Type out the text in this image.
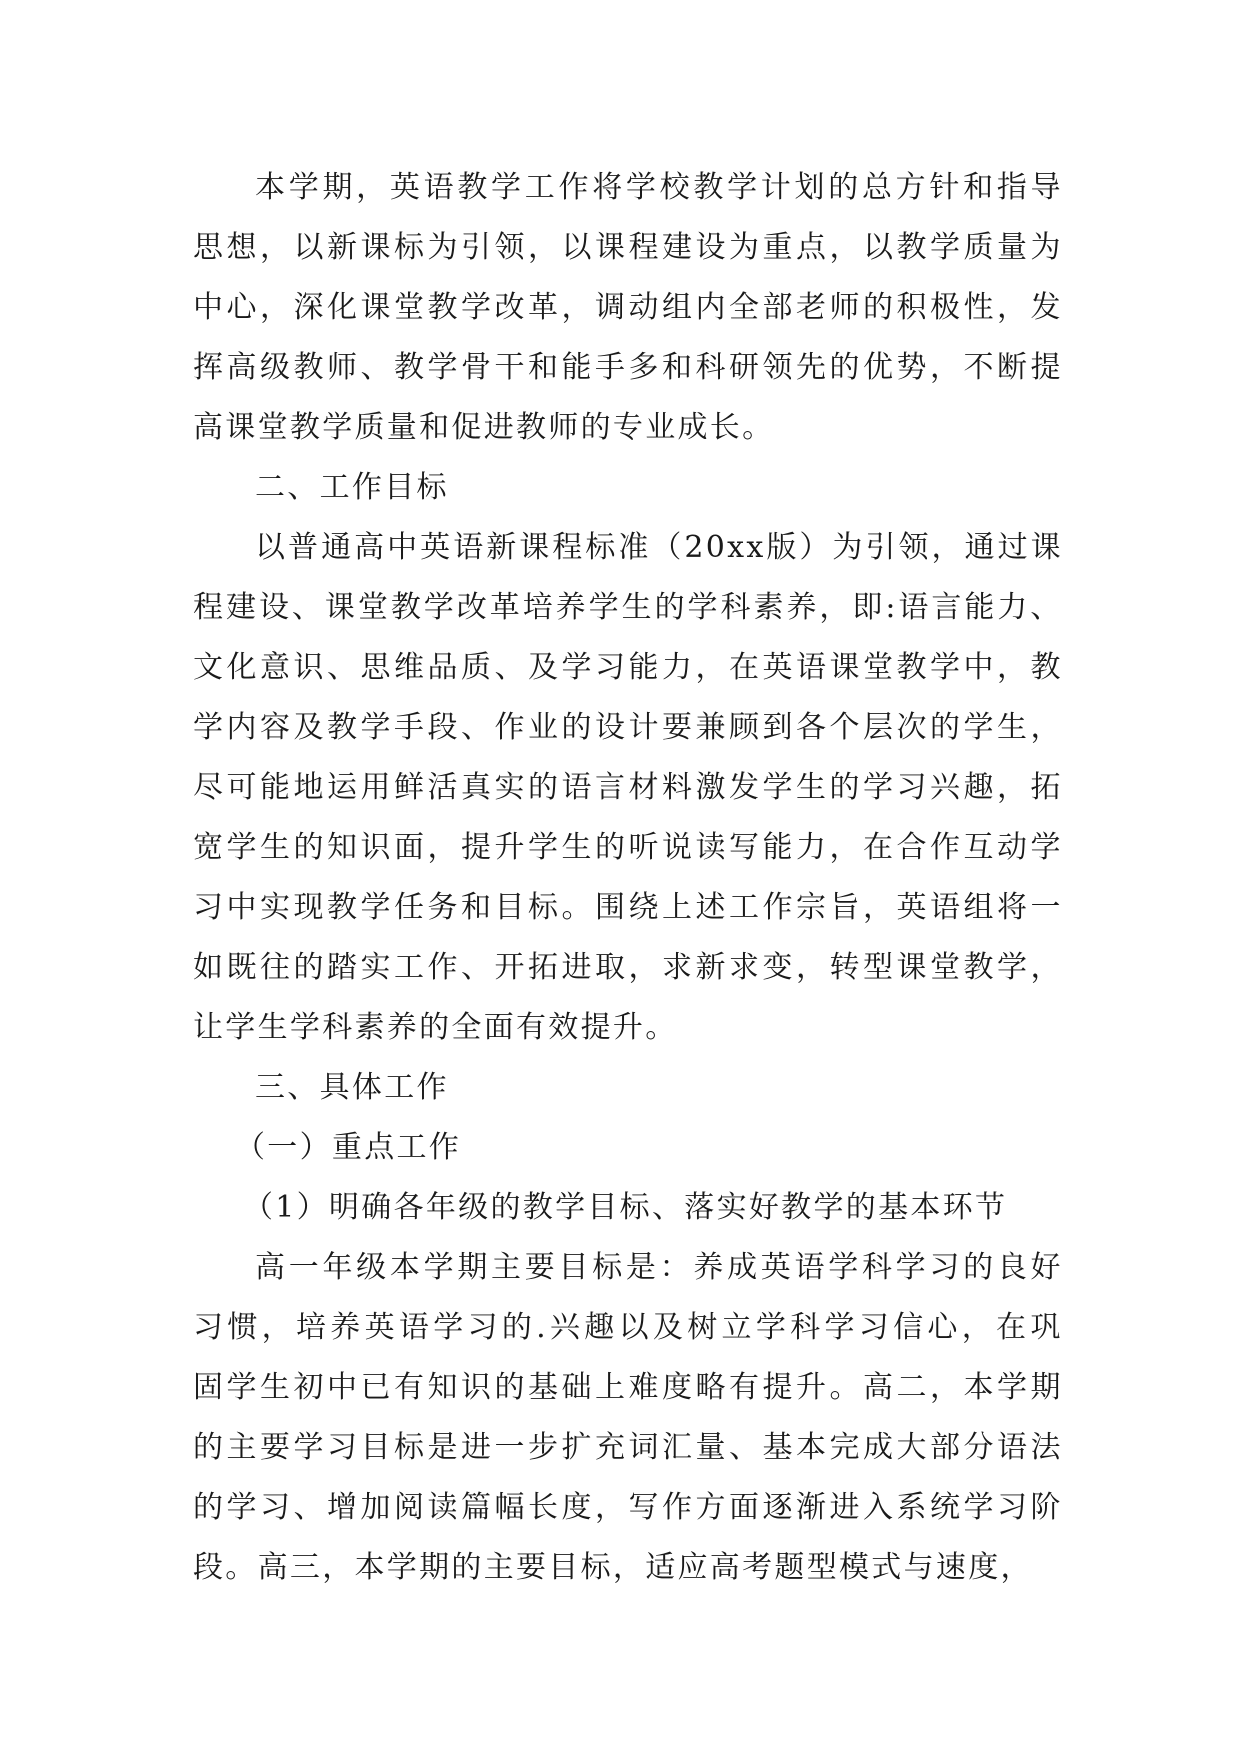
本 学 期 ， 英 语 教 学 工 作 将 学 校 教 学 计 划 的 总 方 针 和 指 导
思 想 ， 以 新 课 标 为 引 领 ， 以 课 程 建 设 为 重 点 ， 以 教 学 质 量 为
中 心 ， 深 化 课 堂 教 学 改 革 ， 调 动 组 内 全 部 老 师 的 积 极 性 ， 发
挥 高 级 教 师 、 教 学 骨 干 和 能 手 多 和 科 研 领 先 的 优 势 ， 不 断 提
高课堂教学质量和促进教师的专业成长。
二、工作目标
以 普 通 高 中 英 语 新 课 程 标 准 （ 20xx 版 ） 为 引 领 ， 通 过 课
程 建 设 、 课 堂 教 学 改 革 培 养 学 生 的 学 科 素 养 ， 即 : 语 言 能 力 、
文 化 意 识 、 思 维 品 质 、 及 学 习 能 力 ， 在 英 语 课 堂 教 学 中 ， 教
学 内 容 及 教 学 手 段 、 作 业 的 设 计 要 兼 顾 到 各 个 层 次 的 学 生 ，
尽 可 能 地 运 用 鲜 活 真 实 的 语 言 材 料 激 发 学 生 的 学 习 兴 趣 ， 拓
宽 学 生 的 知 识 面 ， 提 升 学 生 的 听 说 读 写 能 力 ， 在 合 作 互 动 学
习 中 实 现 教 学 任 务 和 目 标 。 围 绕 上 述 工 作 宗 旨 ， 英 语 组 将 一
如 既 往 的 踏 实 工 作 、 开 拓 进 取 ， 求 新 求 变 ， 转 型 课 堂 教 学 ，
让学生学科素养的全面有效提升。
三、具体工作
（一）重点工作
（1）明确各年级的教学目标、落实好教学的基本环节
高 一 年 级 本 学 期 主 要 目 标 是 ： 养 成 英 语 学 科 学 习 的 良 好
习 惯 ， 培 养 英 语 学 习 的 . 兴 趣 以 及 树 立 学 科 学 习 信 心 ， 在 巩
固 学 生 初 中 已 有 知 识 的 基 础 上 难 度 略 有 提 升 。 高 二 ， 本 学 期
的 主 要 学 习 目 标 是 进 一 步 扩 充 词 汇 量 、 基 本 完 成 大 部 分 语 法
的 学 习 、 增 加 阅 读 篇 幅 长 度 ， 写 作 方 面 逐 渐 进 入 系 统 学 习 阶
段。高三，本学期的主要目标，适应高考题型模式与速度，
